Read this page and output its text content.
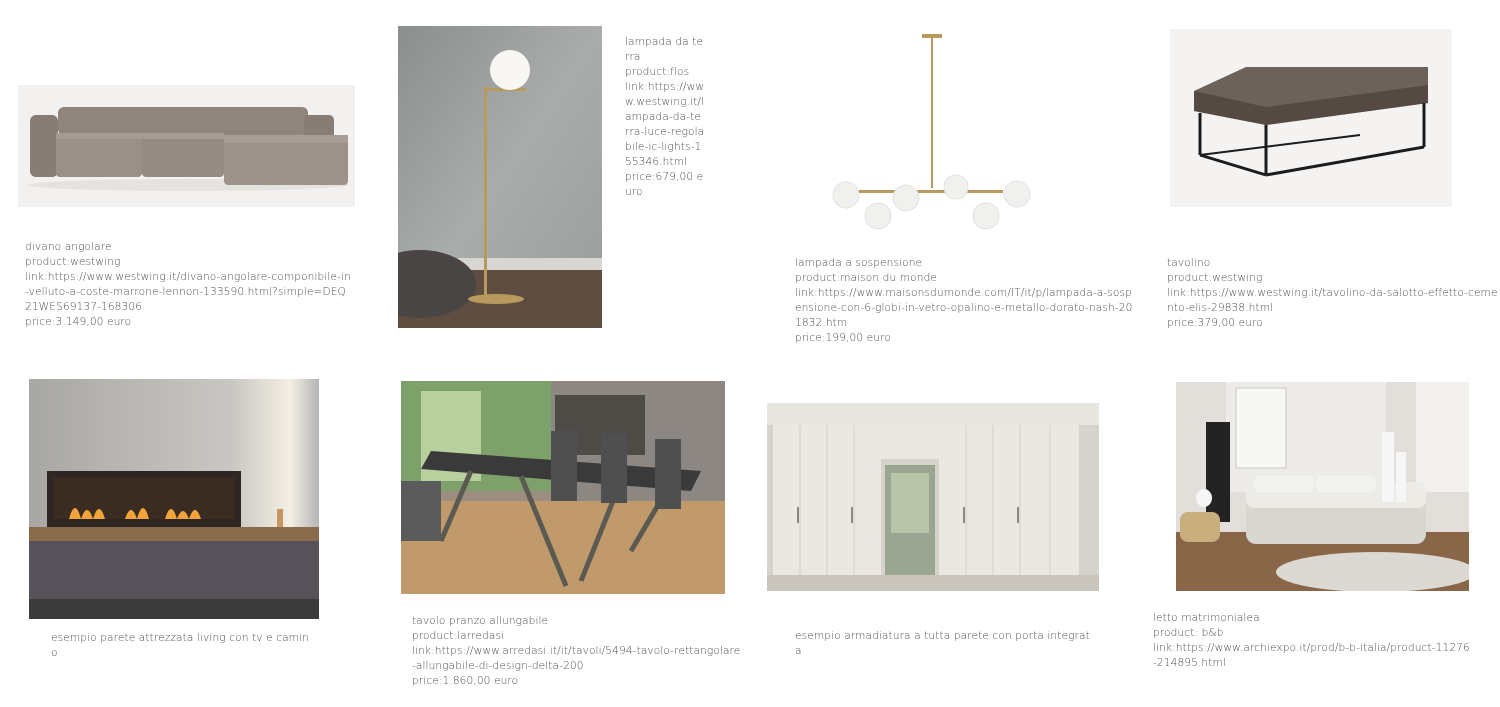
divano angolare
product:westwing
link:https://www.westwing.it/divano-angolare-componibile-in-velluto-a-coste-marrone-lennon-133590.html?simple=DEQ21WES69137-168306
price:3.149,00 euro
lampada da terra
product:flos
link:https://www.westwing.it/lampada-da-terra-luce-regolabile-ic-lights-155346.html
price:679,00 euro
lampada a sospensione
product:maison du monde
link:https://www.maisonsdumonde.com/IT/it/p/lampada-a-sospensione-con-6-globi-in-vetro-opalino-e-metallo-dorato-nash-201832.htm
price:199,00 euro
tavolino
product:westwing
link:https://www.westwing.it/tavolino-da-salotto-effetto-cemento-elis-29838.html
price:379,00 euro
esempio parete attrezzata living con tv e camino
tavolo pranzo allungabile
product:larredasi
link:https://www.arredasi.it/it/tavoli/5494-tavolo-rettangolare-allungabile-di-design-delta-200
price:1.860,00 euro
esempio armadiatura a tutta parete con porta integrata
letto matrimonialea
product: b&b
link:https://www.archiexpo.it/prod/b-b-italia/product-11276-214895.html
